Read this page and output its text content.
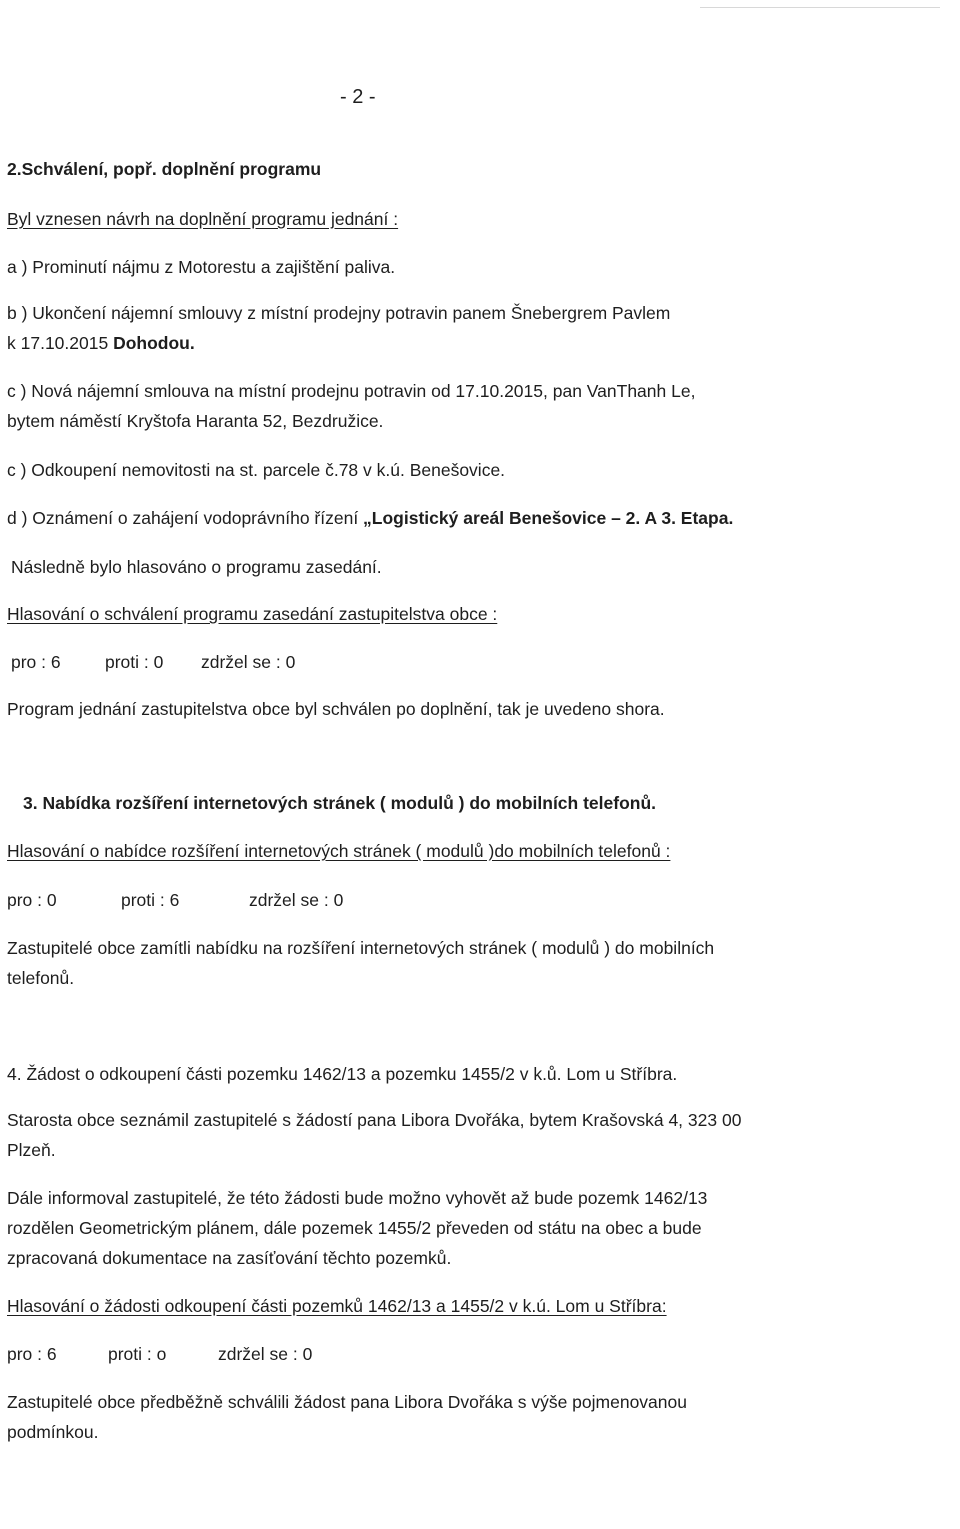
- 2 -
2.Schválení, popř. doplnění programu
Byl vznesen návrh na doplnění programu jednání :
a ) Prominutí nájmu z Motorestu a zajištění paliva.
b ) Ukončení nájemní smlouvy z místní prodejny potravin panem Šnebergrem Pavlem
k 17.10.2015 Dohodou.
c ) Nová nájemní smlouva na místní prodejnu potravin od 17.10.2015, pan VanThanh Le,
bytem náměstí Kryštofa Haranta 52, Bezdružice.
c ) Odkoupení nemovitosti na st. parcele č.78 v k.ú. Benešovice.
d ) Oznámení o zahájení vodoprávního řízení „Logistický areál Benešovice – 2. A 3. Etapa.
Následně bylo hlasováno o programu zasedání.
Hlasování o schválení programu zasedání zastupitelstva obce :
pro : 6	proti : 0 zdržel se : 0
Program jednání zastupitelstva obce byl schválen po doplnění, tak je uvedeno shora.
3. Nabídka rozšíření internetových stránek ( modulů ) do mobilních telefonů.
Hlasování o nabídce rozšíření internetových stránek ( modulů )do mobilních telefonů :
pro : 0	proti : 6	zdržel se : 0
Zastupitelé obce zamítli nabídku na rozšíření internetových stránek ( modulů ) do mobilních
telefonů.
4. Žádost o odkoupení části pozemku 1462/13 a pozemku 1455/2 v k.ů. Lom u Stříbra.
Starosta obce seznámil zastupitelé s žádostí pana Libora Dvořáka, bytem Krašovská 4, 323 00
Plzeň.
Dále informoval zastupitelé, že této žádosti bude možno vyhovět až bude pozemk 1462/13
rozdělen Geometrickým plánem, dále pozemek 1455/2 převeden od státu na obec a bude
zpracovaná dokumentace na zasíťování těchto pozemků.
Hlasování o žádosti odkoupení části pozemků 1462/13 a 1455/2 v k.ú. Lom u Stříbra:
pro : 6	proti : o	zdržel se : 0
Zastupitelé obce předběžně schválili žádost pana Libora Dvořáka s výše pojmenovanou
podmínkou.
